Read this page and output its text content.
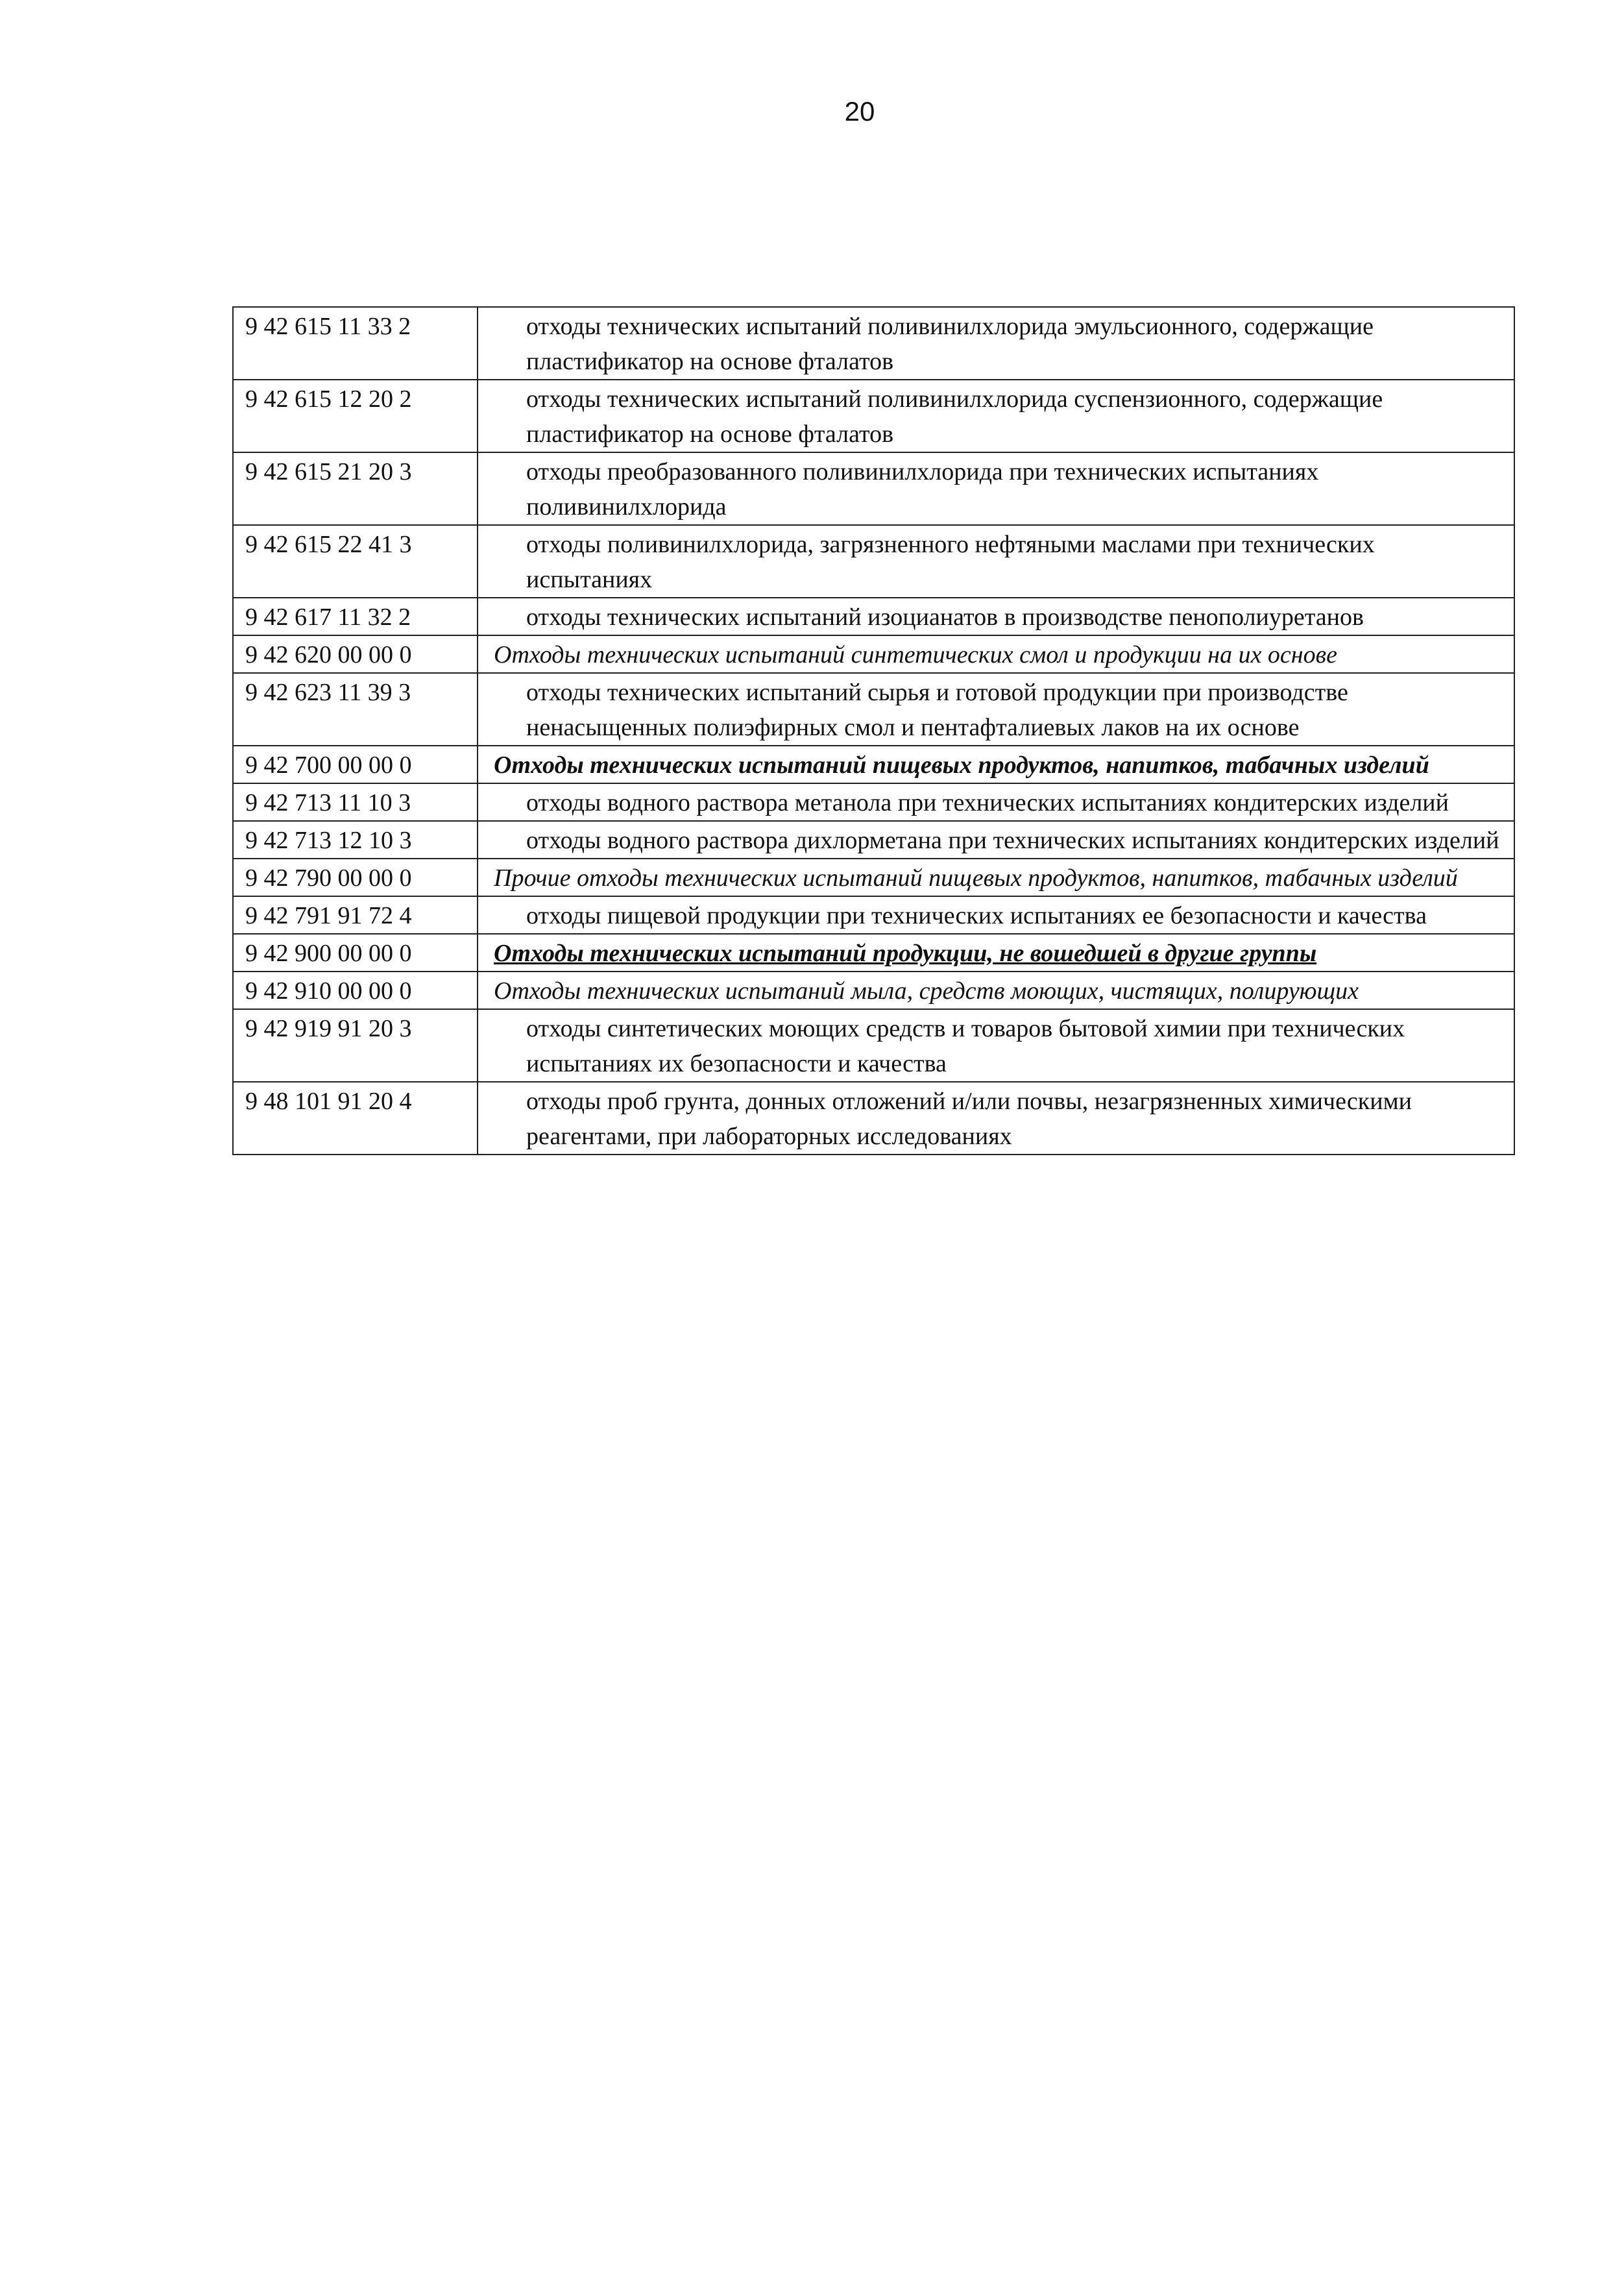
20
9 42 615 11 33 2	отходы технических испытаний поливинилхлорида эмульсионного, содержащие пластификатор на основе фталатов
9 42 615 12 20 2	отходы технических испытаний поливинилхлорида суспензионного, содержащие пластификатор на основе фталатов
9 42 615 21 20 3	отходы преобразованного поливинилхлорида при технических испытаниях поливинилхлорида
9 42 615 22 41 3	отходы поливинилхлорида, загрязненного нефтяными маслами при технических испытаниях
9 42 617 11 32 2	отходы технических испытаний изоцианатов в производстве пенополиуретанов
9 42 620 00 00 0	Отходы технических испытаний синтетических смол и продукции на их основе
9 42 623 11 39 3	отходы технических испытаний сырья и готовой продукции при производстве ненасыщенных полиэфирных смол и пентафталиевых лаков на их основе
9 42 700 00 00 0	Отходы технических испытаний пищевых продуктов, напитков, табачных изделий
9 42 713 11 10 3	отходы водного раствора метанола при технических испытаниях кондитерских изделий
9 42 713 12 10 3	отходы водного раствора дихлорметана при технических испытаниях кондитерских изделий
9 42 790 00 00 0	Прочие отходы технических испытаний пищевых продуктов, напитков, табачных изделий
9 42 791 91 72 4	отходы пищевой продукции при технических испытаниях ее безопасности и качества
9 42 900 00 00 0	Отходы технических испытаний продукции, не вошедшей в другие группы
9 42 910 00 00 0	Отходы технических испытаний мыла, средств моющих, чистящих, полирующих
9 42 919 91 20 3	отходы синтетических моющих средств и товаров бытовой химии при технических испытаниях их безопасности и качества
9 48 101 91 20 4	отходы проб грунта, донных отложений и/или почвы, незагрязненных химическими реагентами, при лабораторных исследованиях
